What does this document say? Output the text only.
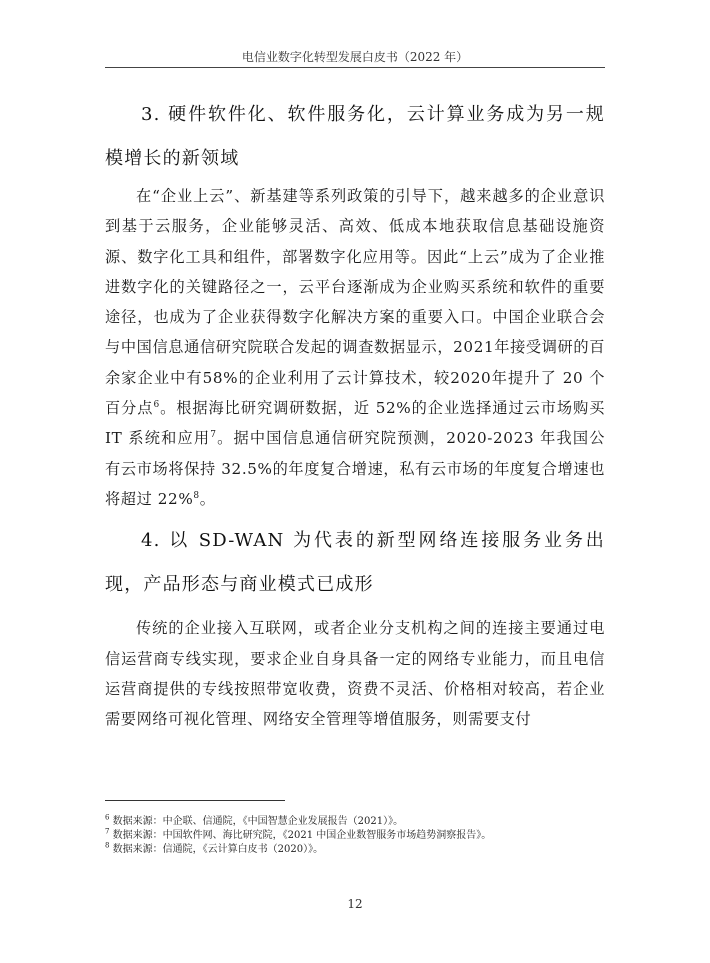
电信业数字化转型发展白皮书（2022 年）
3. 硬件软件化、软件服务化，云计算业务成为另一规模增长的新领域

在“企业上云”、新基建等系列政策的引导下，越来越多的企业意识到基于云服务，企业能够灵活、高效、低成本地获取信息基础设施资源、数字化工具和组件，部署数字化应用等。因此“上云”成为了企业推进数字化的关键路径之一，云平台逐渐成为企业购买系统和软件的重要途径，也成为了企业获得数字化解决方案的重要入口。中国企业联合会与中国信息通信研究院联合发起的调查数据显示，2021年接受调研的百余家企业中有58%的企业利用了云计算技术，较2020年提升了 20 个百分点$^6$。根据海比研究调研数据，近 52%的企业选择通过云市场购买 IT 系统和应用$^7$。据中国信息通信研究院预测，2020-2023 年我国公有云市场将保持 32.5%的年度复合增速，私有云市场的年度复合增速也将超过 22%$^8$。

4. 以 SD-WAN 为代表的新型网络连接服务业务出现，产品形态与商业模式已成形

传统的企业接入互联网，或者企业分支机构之间的连接主要通过电信运营商专线实现，要求企业自身具备一定的网络专业能力，而且电信运营商提供的专线按照带宽收费，资费不灵活、价格相对较高，若企业需要网络可视化管理、网络安全管理等增值服务，则需要支付

$^6$ 数据来源：中企联、信通院，《中国智慧企业发展报告（2021）》。

$^7$ 数据来源：中国软件网、海比研究院，《2021 中国企业数智服务市场趋势洞察报告》。

$^8$ 数据来源：信通院，《云计算白皮书（2020）》。

12
